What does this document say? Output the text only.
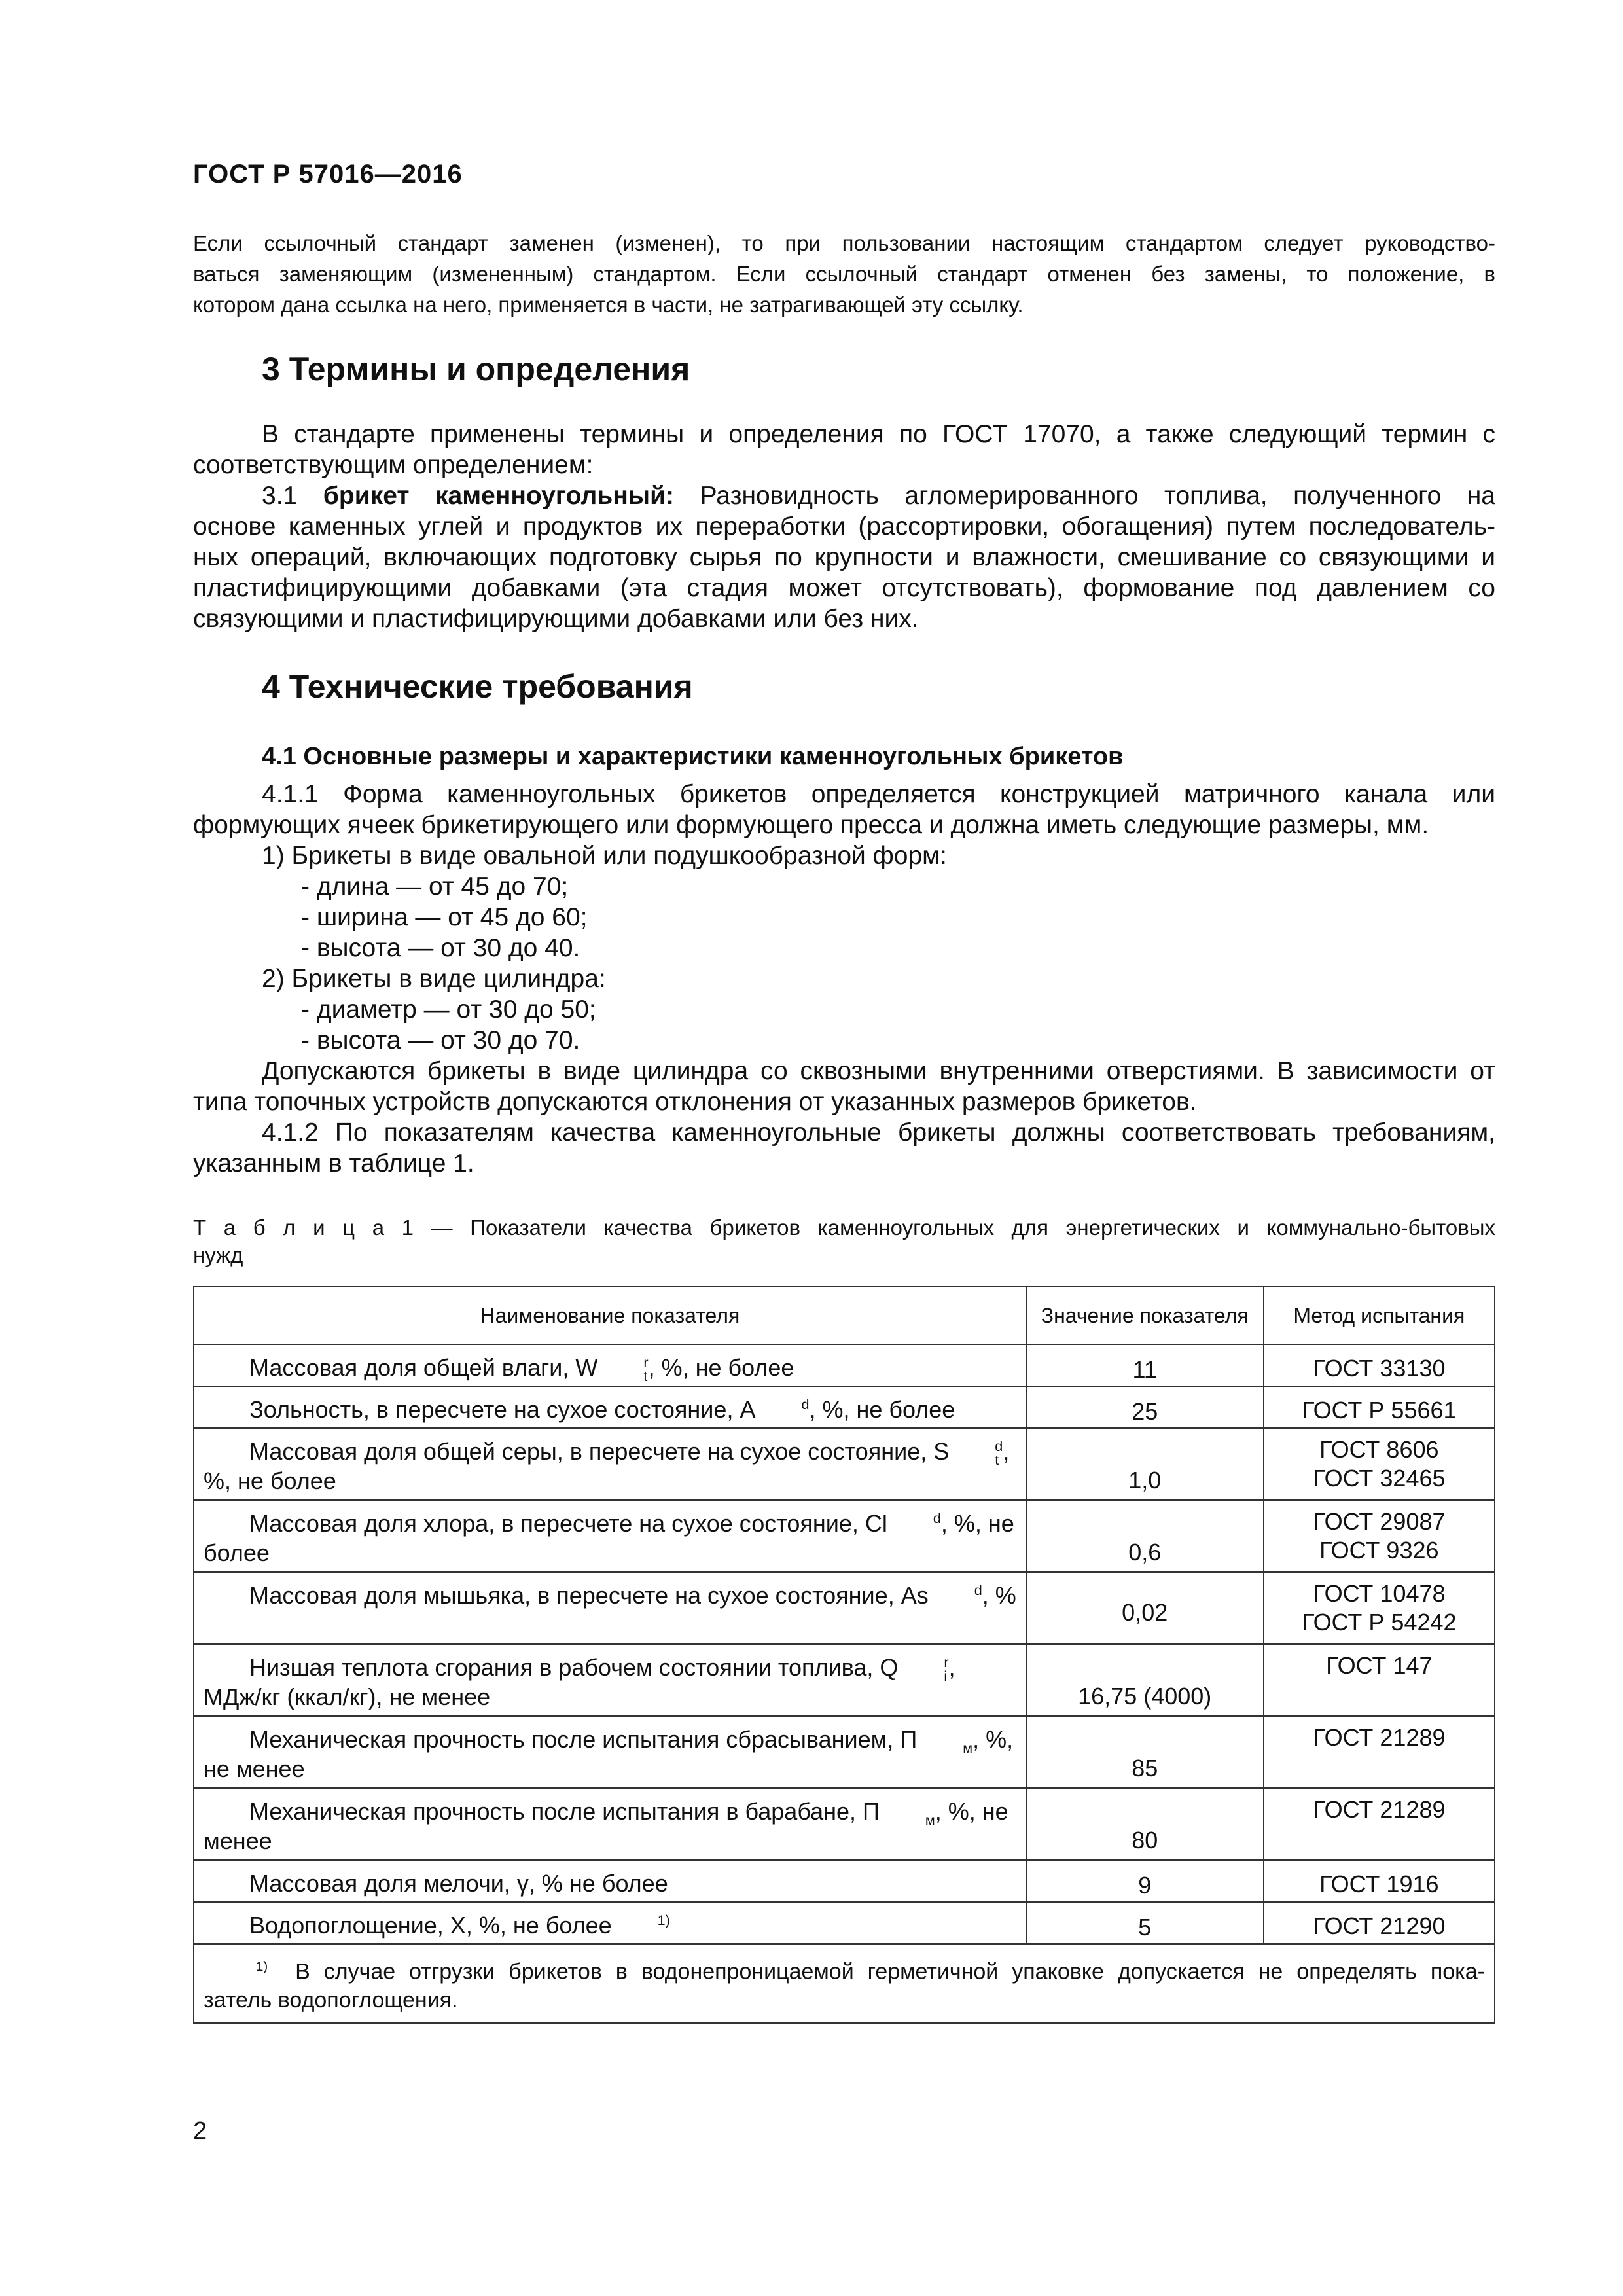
ГОСТ Р 57016—2016
Если ссылочный стандарт заменен (изменен), то при пользовании настоящим стандартом следует руководство-
ваться заменяющим (измененным) стандартом. Если ссылочный стандарт отменен без замены, то положение, в
котором дана ссылка на него, применяется в части, не затрагивающей эту ссылку.
3 Термины и определения
В стандарте применены термины и определения по ГОСТ 17070, а также следующий термин с
соответствующим определением:
3.1 брикет каменноугольный: Разновидность агломерированного топлива, полученного на
основе каменных углей и продуктов их переработки (рассортировки, обогащения) путем последователь-
ных операций, включающих подготовку сырья по крупности и влажности, смешивание со связующими и
пластифицирующими добавками (эта стадия может отсутствовать), формование под давлением со
связующими и пластифицирующими добавками или без них.
4 Технические требования
4.1 Основные размеры и характеристики каменноугольных брикетов
4.1.1 Форма каменноугольных брикетов определяется конструкцией матричного канала или
формующих ячеек брикетирующего или формующего пресса и должна иметь следующие размеры, мм.
1) Брикеты в виде овальной или подушкообразной форм:
- длина — от 45 до 70;
- ширина — от 45 до 60;
- высота — от 30 до 40.
2) Брикеты в виде цилиндра:
- диаметр — от 30 до 50;
- высота — от 30 до 70.
Допускаются брикеты в виде цилиндра со сквозными внутренними отверстиями. В зависимости от
типа топочных устройств допускаются отклонения от указанных размеров брикетов.
4.1.2 По показателям качества каменноугольные брикеты должны соответствовать требованиям,
указанным в таблице 1.
Т а б л и ц а 1 — Показатели качества брикетов каменноугольных для энергетических и коммунально-бытовых
нужд
Наименование показателя	Значение показателя	Метод испытания

Массовая доля общей влаги, W r
t , %, не более	11	ГОСТ 33130

Зольность, в пересчете на сухое состояние, A d , %, не более	25	ГОСТ Р 55661

Массовая доля общей серы, в пересчете на сухое состояние, S d
t ,
%, не более	1,0	ГОСТ 8606
ГОСТ 32465

Массовая доля хлора, в пересчете на сухое состояние, Cl d , %, не
более	0,6	ГОСТ 29087
ГОСТ 9326

Массовая доля мышьяка, в пересчете на сухое состояние, As d , %	0,02	ГОСТ 10478
ГОСТ Р 54242

Низшая теплота сгорания в рабочем состоянии топлива, Q r
i ,
МДж/кг (ккал/кг), не менее	16,75 (4000)	ГОСТ 147

Механическая прочность после испытания сбрасыванием, П м , %,
не менее	85	ГОСТ 21289

Механическая прочность после испытания в барабане, П м , %, не
менее	80	ГОСТ 21289

Массовая доля мелочи, γ, % не более	9	ГОСТ 1916

Водопоглощение, X, %, не более 1)	5	ГОСТ 21290

$^{1)}$ В случае отгрузки брикетов в водонепроницаемой герметичной упаковке допускается не определять пока-
затель водопоглощения.		
2
